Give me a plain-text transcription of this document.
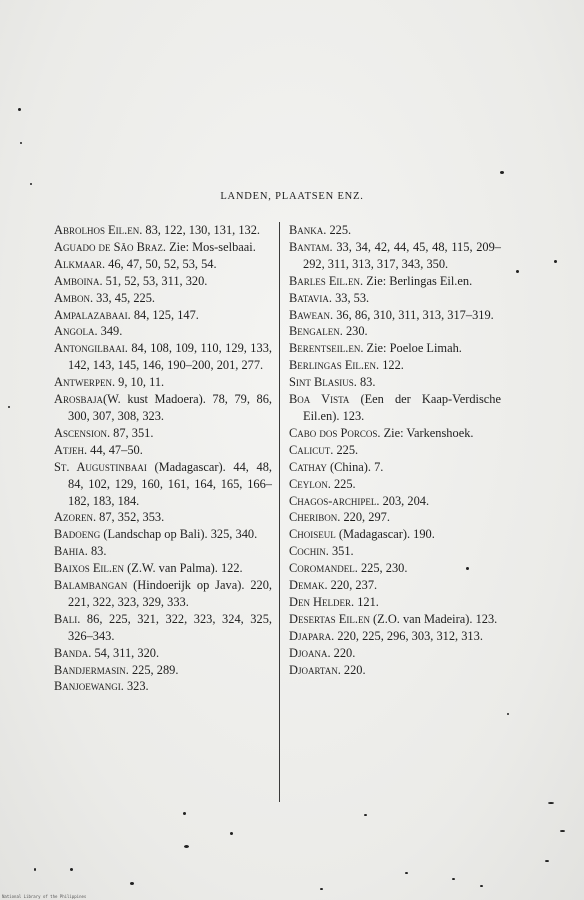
LANDEN, PLAATSEN ENZ.

Abrolhos Eil.en. 83, 122, 130, 131, 132.

Aguado de São Braz. Zie: Mos-selbaai.

Alkmaar. 46, 47, 50, 52, 53, 54.

Amboina. 51, 52, 53, 311, 320.

Ambon. 33, 45, 225.

Ampalazabaai. 84, 125, 147.

Angola. 349.

Antongilbaai. 84, 108, 109, 110, 129, 133, 142, 143, 145, 146, 190–200, 201, 277.

Antwerpen. 9, 10, 11.

Arosbaja(W. kust Madoera). 78, 79, 86, 300, 307, 308, 323.

Ascension. 87, 351.

Atjeh. 44, 47–50.

St. Augustinbaai (Madagascar). 44, 48, 84, 102, 129, 160, 161, 164, 165, 166–182, 183, 184.

Azoren. 87, 352, 353.

Badoeng (Landschap op Bali). 325, 340.

Bahia. 83.

Baixos Eil.en (Z.W. van Palma). 122.

Balambangan (Hindoerijk op Java). 220, 221, 322, 323, 329, 333.

Bali. 86, 225, 321, 322, 323, 324, 325, 326–343.

Banda. 54, 311, 320.

Bandjermasin. 225, 289.

Banjoewangi. 323.

Banka. 225.

Bantam. 33, 34, 42, 44, 45, 48, 115, 209–292, 311, 313, 317, 343, 350.

Barles Eil.en. Zie: Berlingas Eil.en.

Batavia. 33, 53.

Bawean. 36, 86, 310, 311, 313, 317–319.

Bengalen. 230.

Berentseil.en. Zie: Poeloe Limah.

Berlingas Eil.en. 122.

Sint Blasius. 83.

Boa Vista (Een der Kaap-Verdische Eil.en). 123.

Cabo dos Porcos. Zie: Varkenshoek.

Calicut. 225.

Cathay (China). 7.

Ceylon. 225.

Chagos-archipel. 203, 204.

Cheribon. 220, 297.

Choiseul (Madagascar). 190.

Cochin. 351.

Coromandel. 225, 230.

Demak. 220, 237.

Den Helder. 121.

Desertas Eil.en (Z.O. van Madeira). 123.

Djapara. 220, 225, 296, 303, 312, 313.

Djoana. 220.

Djoartan. 220.

National Library of the Philippines
